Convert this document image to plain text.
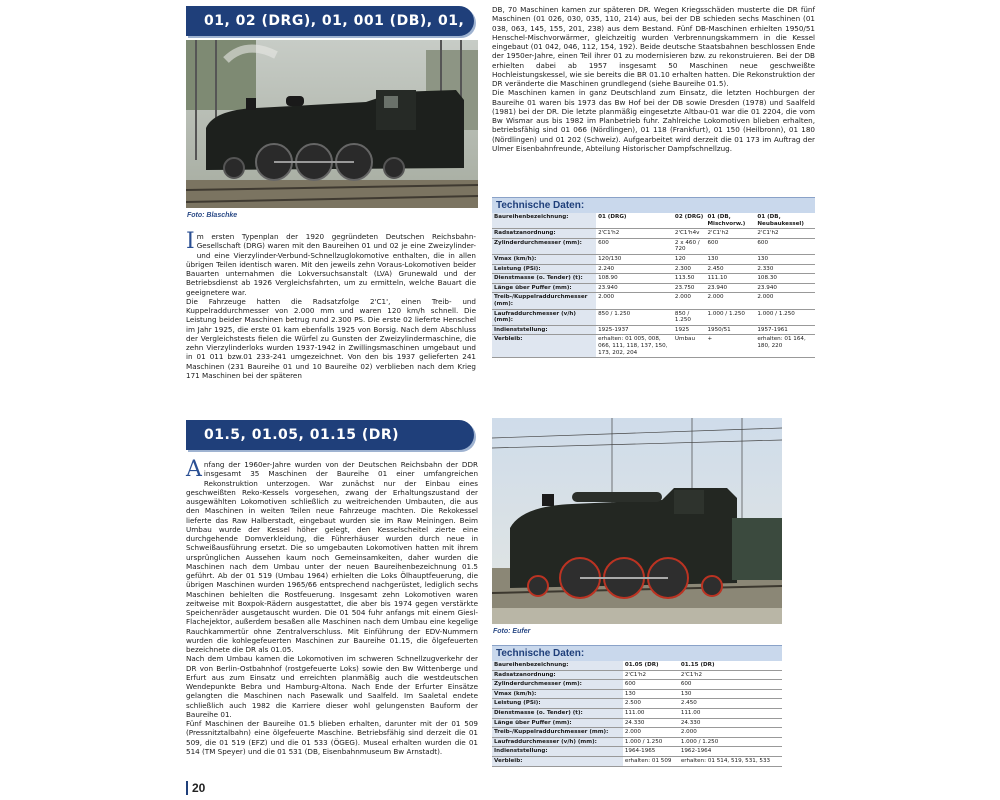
01, 02 (DRG), 01, 001 (DB), 01,
Foto: Blaschke

Im ersten Typenplan der 1920 gegründeten Deutschen Reichsbahn-Gesellschaft (DRG) waren mit den Baureihen 01 und 02 je eine Zweizylinder- und eine Vierzylinder-Verbund-Schnellzuglokomotive enthalten, die in allen übrigen Teilen identisch waren. Mit den jeweils zehn Voraus-Lokomotiven beider Bauarten unternahmen die Lokversuchsanstalt (LVA) Grunewald und der Betriebsdienst ab 1926 Vergleichsfahrten, um zu ermitteln, welche Bauart die geeignetere war.

Die Fahrzeuge hatten die Radsatzfolge 2'C1', einen Treib- und Kuppelraddurchmesser von 2.000 mm und waren 120 km/h schnell. Die Leistung beider Maschinen betrug rund 2.300 PS. Die erste 02 lieferte Henschel im Jahr 1925, die erste 01 kam ebenfalls 1925 von Borsig. Nach dem Abschluss der Vergleichstests fielen die Würfel zu Gunsten der Zweizylindermaschine, die zehn Vierzylinderloks wurden 1937-1942 in Zwillingsmaschinen umgebaut und in 01 011 bzw.01 233-241 umgezeichnet. Von den bis 1937 gelieferten 241 Maschinen (231 Baureihe 01 und 10 Baureihe 02) verblieben nach dem Krieg 171 Maschinen bei der späteren

DB, 70 Maschinen kamen zur späteren DR. Wegen Kriegsschäden musterte die DR fünf Maschinen (01 026, 030, 035, 110, 214) aus, bei der DB schieden sechs Maschinen (01 038, 063, 145, 155, 201, 238) aus dem Bestand. Fünf DB-Maschinen erhielten 1950/51 Henschel-Mischvorwärmer, gleichzeitig wurden Verbrennungskammern in die Kessel eingebaut (01 042, 046, 112, 154, 192). Beide deutsche Staatsbahnen beschlossen Ende der 1950er-Jahre, einen Teil ihrer 01 zu modernisieren bzw. zu rekonstruieren. Bei der DB erhielten dabei ab 1957 insgesamt 50 Maschinen neue geschweißte Hochleistungskessel, wie sie bereits die BR 01.10 erhalten hatten. Die Rekonstruktion der DR veränderte die Maschinen grundlegend (siehe Baureihe 01.5).

Die Maschinen kamen in ganz Deutschland zum Einsatz, die letzten Hochburgen der Baureihe 01 waren bis 1973 das Bw Hof bei der DB sowie Dresden (1978) und Saalfeld (1981) bei der DR. Die letzte planmäßig eingesetzte Altbau-01 war die 01 2204, die vom Bw Wismar aus bis 1982 im Planbetrieb fuhr. Zahlreiche Lokomotiven blieben erhalten, betriebsfähig sind 01 066 (Nördlingen), 01 118 (Frankfurt), 01 150 (Heilbronn), 01 180 (Nördlingen) und 01 202 (Schweiz). Aufgearbeitet wird derzeit die 01 173 im Auftrag der Ulmer Eisenbahnfreunde, Abteilung Historischer Dampfschnellzug.

Technische Daten:
Baureihenbezeichnung:	01 (DRG)	02 (DRG)	01 (DB, Mischvorw.)	01 (DB, Neubaukessel)
Radsatzanordnung:	2'C1'h2	2'C1'h4v	2'C1'h2	2'C1'h2
Zylinderdurchmesser (mm):	600	2 x 460 / 720	600	600
Vmax (km/h):	120/130	120	130	130
Leistung (PSi):	2.240	2.300	2.450	2.330
Dienstmasse (o. Tender) (t):	108.90	113.50	111.10	108.30
Länge über Puffer (mm):	23.940	23.750	23.940	23.940
Treib-/Kuppelraddurchmesser (mm):	2.000	2.000	2.000	2.000
Laufraddurchmesser (v/h) (mm):	850 / 1.250	850 / 1.250	1.000 / 1.250	1.000 / 1.250
Indienststellung:	1925-1937	1925	1950/51	1957-1961
Verbleib:	erhalten: 01 005, 008, 066, 111, 118, 137, 150, 173, 202, 204	Umbau	+	erhalten: 01 164, 180, 220
01.5, 01.05, 01.15 (DR)

Anfang der 1960er-Jahre wurden von der Deutschen Reichsbahn der DDR insgesamt 35 Maschinen der Baureihe 01 einer umfangreichen Rekonstruktion unterzogen. War zunächst nur der Einbau eines geschweißten Reko-Kessels vorgesehen, zwang der Erhaltungszustand der ausgewählten Lokomotiven schließlich zu weitreichenden Umbauten, die aus den Maschinen in weiten Teilen neue Fahrzeuge machten. Die Rekokessel lieferte das Raw Halberstadt, eingebaut wurden sie im Raw Meiningen. Beim Umbau wurde der Kessel höher gelegt, den Kesselscheitel zierte eine durchgehende Domverkleidung, die Führerhäuser wurden durch neue in Schweißausführung ersetzt. Die so umgebauten Lokomotiven hatten mit ihrem ursprünglichen Aussehen kaum noch Gemeinsamkeiten, daher wurden die Maschinen nach dem Umbau unter der neuen Baureihenbezeichnung 01.5 geführt. Ab der 01 519 (Umbau 1964) erhielten die Loks Ölhauptfeuerung, die übrigen Maschinen wurden 1965/66 entsprechend nachgerüstet, lediglich sechs Maschinen behielten die Rostfeuerung. Insgesamt zehn Lokomotiven waren zeitweise mit Boxpok-Rädern ausgestattet, die aber bis 1974 gegen verstärkte Speichenräder ausgetauscht wurden. Die 01 504 fuhr anfangs mit einem Giesl-Flachejektor, außerdem besaßen alle Maschinen nach dem Umbau eine kegelige Rauchkammertür ohne Zentralverschluss. Mit Einführung der EDV-Nummern wurden die kohlegefeuerten Maschinen zur Baureihe 01.15, die ölgefeuerten bezeichnete die DR als 01.05.

Nach dem Umbau kamen die Lokomotiven im schweren Schnellzugverkehr der DR von Berlin-Ostbahnhof (rostgefeuerte Loks) sowie den Bw Wittenberge und Erfurt aus zum Einsatz und erreichten planmäßig auch die westdeutschen Wendepunkte Bebra und Hamburg-Altona. Nach Ende der Erfurter Einsätze gelangten die Maschinen nach Pasewalk und Saalfeld. Im Saaletal endete schließlich auch 1982 die Karriere dieser wohl gelungensten Bauform der Baureihe 01.

Fünf Maschinen der Baureihe 01.5 blieben erhalten, darunter mit der 01 509 (Pressnitztalbahn) eine ölgefeuerte Maschine. Betriebsfähig sind derzeit die 01 509, die 01 519 (EFZ) und die 01 533 (ÖGEG). Museal erhalten wurden die 01 514 (TM Speyer) und die 01 531 (DB, Eisenbahnmuseum Bw Arnstadt).

Foto: Eufer
Technische Daten:
Baureihenbezeichnung:	01.05 (DR)	01.15 (DR)
Radsatzanordnung:	2'C1'h2	2'C1'h2
Zylinderdurchmesser (mm):	600	600
Vmax (km/h):	130	130
Leistung (PSi):	2.500	2.450
Dienstmasse (o. Tender) (t):	111.00	111.00
Länge über Puffer (mm):	24.330	24.330
Treib-/Kuppelraddurchmesser (mm):	2.000	2.000
Laufraddurchmesser (v/h) (mm):	1.000 / 1.250	1.000 / 1.250
Indienststellung:	1964-1965	1962-1964
Verbleib:	erhalten: 01 509	erhalten: 01 514, 519, 531, 533
20
